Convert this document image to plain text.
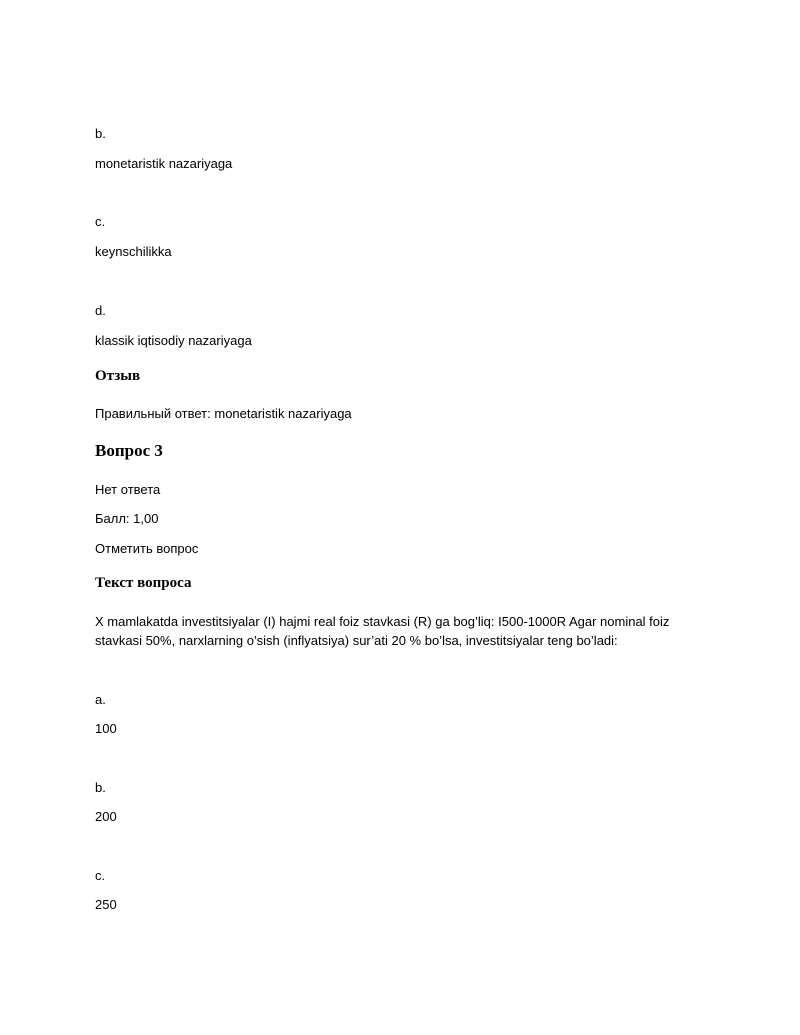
b.
monetaristik nazariyaga
c.
keynschilikka
d.
klassik iqtisodiy nazariyaga
Отзыв
Правильный ответ: monetaristik nazariyaga
Вопрос 3
Нет ответа
Балл: 1,00
Отметить вопрос
Текст вопроса
X mamlakatda investitsiyalar (I) hajmi real foiz stavkasi (R) ga bog’liq: I500-1000R Agar nominal foiz stavkasi 50%, narxlarning o’sish (inflyatsiya) sur’ati 20 % bo’lsa, investitsiyalar teng bo’ladi:
a.
100
b.
200
c.
250
